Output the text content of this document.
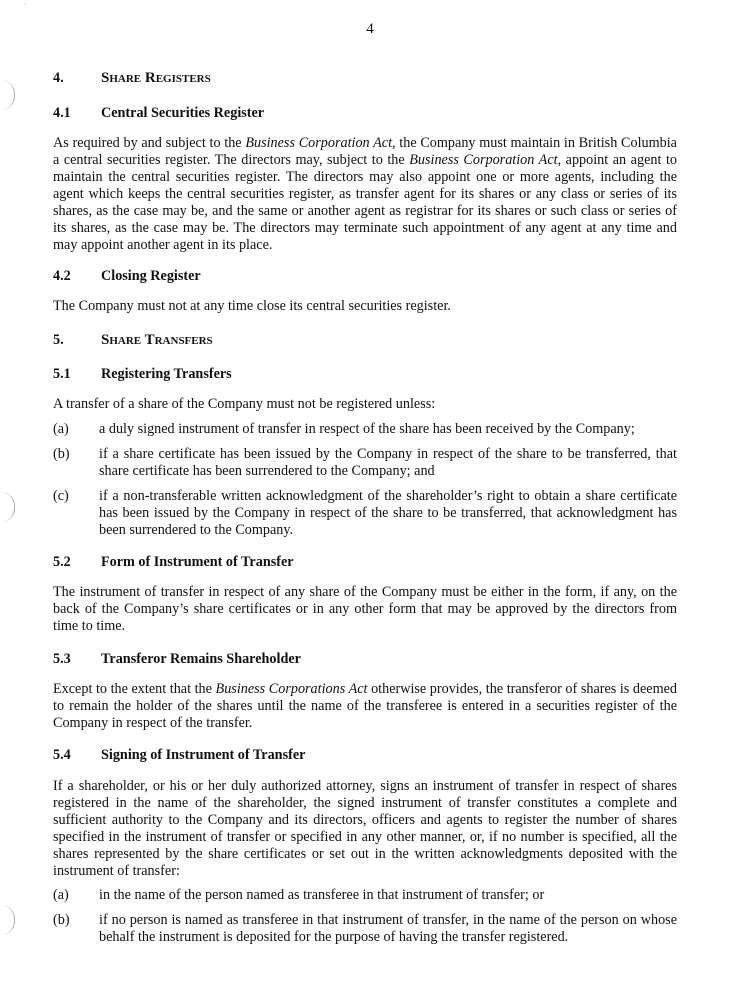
·
4
4. Share Registers
4.1 Central Securities Register

As required by and subject to the Business Corporation Act, the Company must maintain in British Columbia a central securities register. The directors may, subject to the Business Corporation Act, appoint an agent to maintain the central securities register. The directors may also appoint one or more agents, including the agent which keeps the central securities register, as transfer agent for its shares or any class or series of its shares, as the case may be, and the same or another agent as registrar for its shares or such class or series of its shares, as the case may be. The directors may terminate such appointment of any agent at any time and may appoint another agent in its place.

4.2 Closing Register

The Company must not at any time close its central securities register.

5. Share Transfers
5.1 Registering Transfers

A transfer of a share of the Company must not be registered unless:

(a) a duly signed instrument of transfer in respect of the share has been received by the Company;
(b) if a share certificate has been issued by the Company in respect of the share to be transferred, that share certificate has been surrendered to the Company; and
(c) if a non-transferable written acknowledgment of the shareholder’s right to obtain a share certificate has been issued by the Company in respect of the share to be transferred, that acknowledgment has been surrendered to the Company.
5.2 Form of Instrument of Transfer

The instrument of transfer in respect of any share of the Company must be either in the form, if any, on the back of the Company’s share certificates or in any other form that may be approved by the directors from time to time.

5.3 Transferor Remains Shareholder

Except to the extent that the Business Corporations Act otherwise provides, the transferor of shares is deemed to remain the holder of the shares until the name of the transferee is entered in a securities register of the Company in respect of the transfer.

5.4 Signing of Instrument of Transfer

If a shareholder, or his or her duly authorized attorney, signs an instrument of transfer in respect of shares registered in the name of the shareholder, the signed instrument of transfer constitutes a complete and sufficient authority to the Company and its directors, officers and agents to register the number of shares specified in the instrument of transfer or specified in any other manner, or, if no number is specified, all the shares represented by the share certificates or set out in the written acknowledgments deposited with the instrument of transfer:

(a) in the name of the person named as transferee in that instrument of transfer; or
(b) if no person is named as transferee in that instrument of transfer, in the name of the person on whose behalf the instrument is deposited for the purpose of having the transfer registered.
